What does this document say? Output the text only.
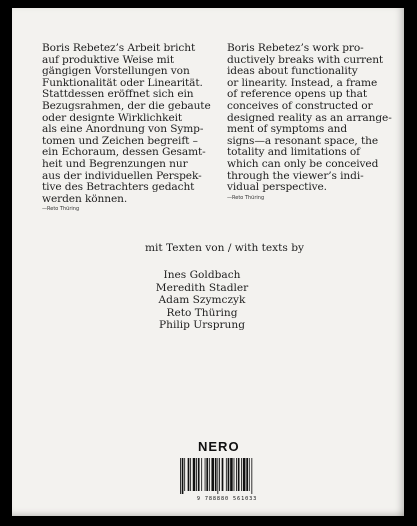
Boris Rebetez’s Arbeit bricht
auf produktive Weise mit
gängigen Vorstellungen von
Funktionalität oder Linearität.
Stattdessen eröffnet sich ein
Bezugsrahmen, der die gebaute
oder designte Wirklichkeit
als eine Anordnung von Symp-
tomen und Zeichen begreift –
ein Echoraum, dessen Gesamt-
heit und Begrenzungen nur
aus der individuellen Perspek-
tive des Betrachters gedacht
werden können.
—Reto Thüring
Boris Rebetez’s work pro-
ductively breaks with current
ideas about functionality
or linearity. Instead, a frame
of reference opens up that
conceives of constructed or
designed reality as an arrange-
ment of symptoms and
signs—a resonant space, the
totality and limitations of
which can only be conceived
through the viewer’s indi-
vidual perspective.
—Reto Thüring
mit Texten von / with texts by
Ines Goldbach
Meredith Stadler
Adam Szymczyk
Reto Thüring
Philip Ursprung
NERO
9 788880 561033
